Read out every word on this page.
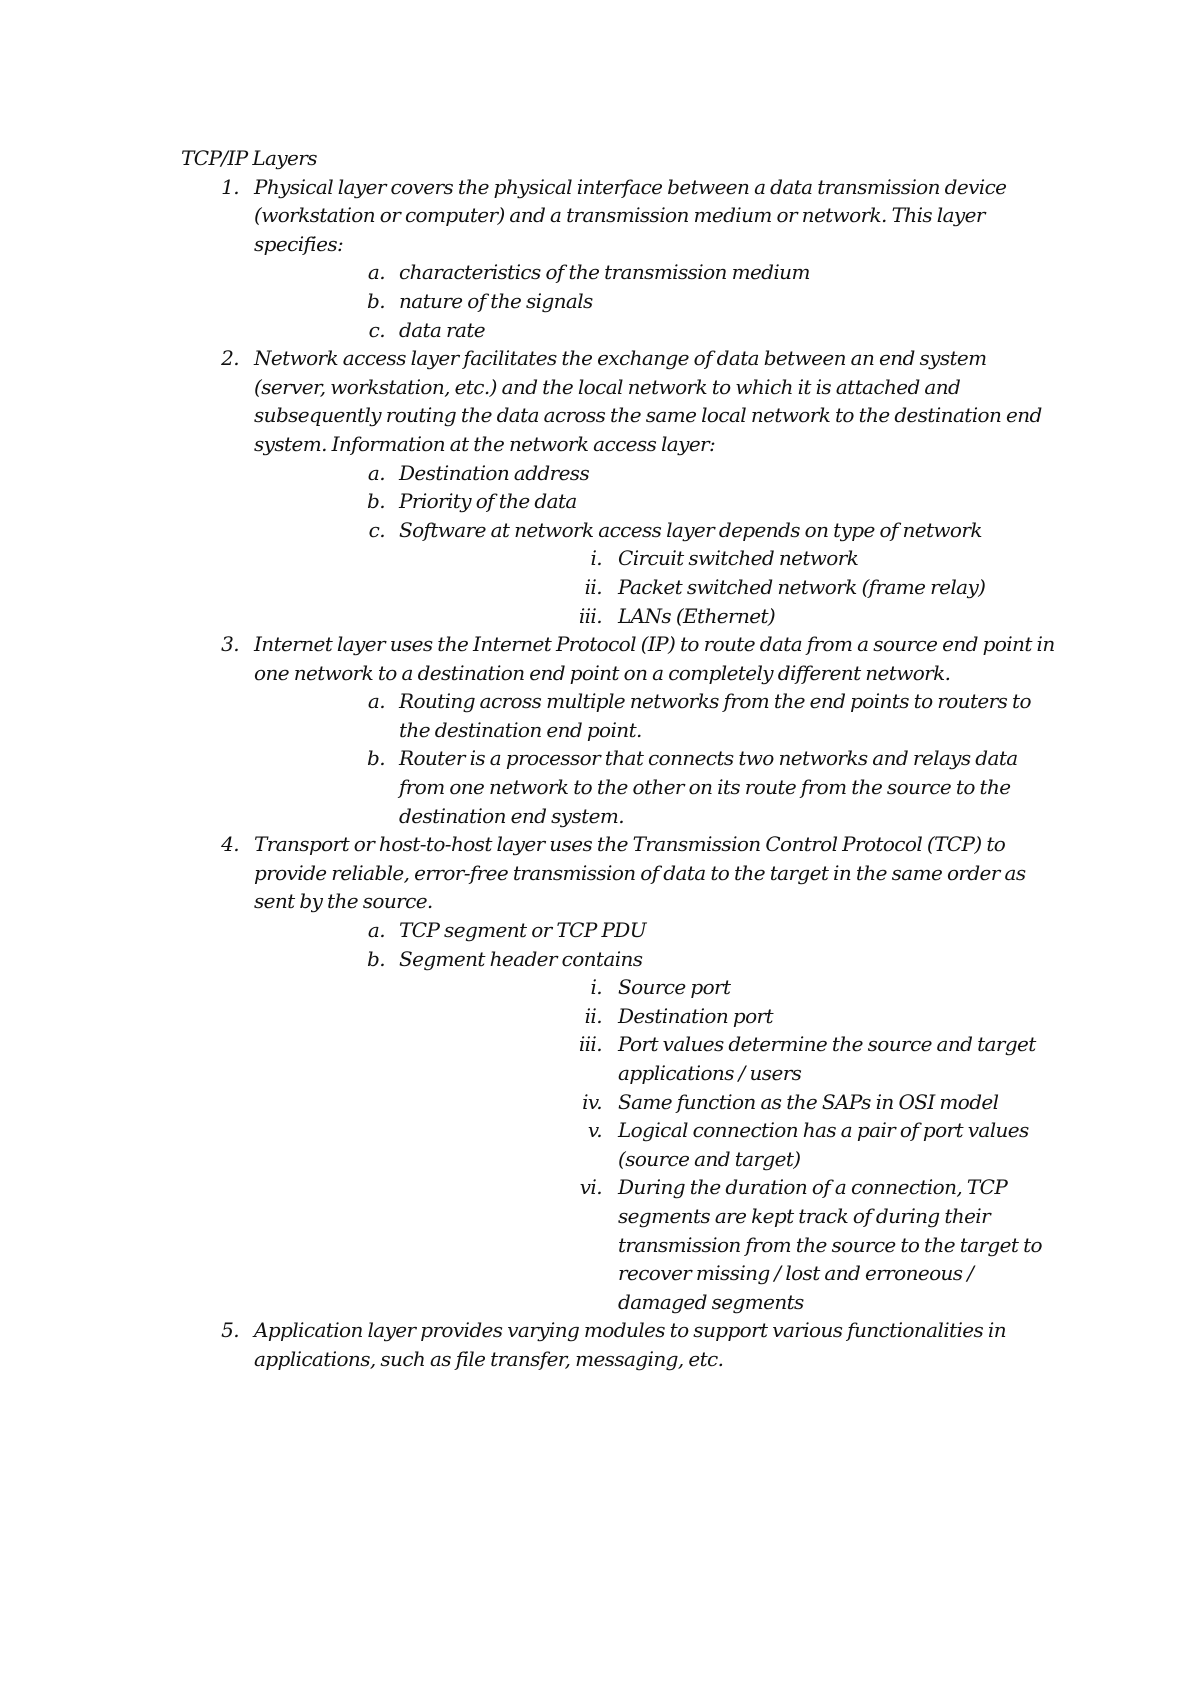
TCP/IP Layers

1. Physical layer covers the physical interface between a data transmission device (workstation or computer) and a transmission medium or network. This layer specifies:
a. characteristics of the transmission medium
b. nature of the signals
c. data rate
2. Network access layer facilitates the exchange of data between an end system (server, workstation, etc.) and the local network to which it is attached and subsequently routing the data across the same local network to the destination end system. Information at the network access layer:
a. Destination address
b. Priority of the data
c. Software at network access layer depends on type of network
i. Circuit switched network
ii. Packet switched network (frame relay)
iii. LANs (Ethernet)
3. Internet layer uses the Internet Protocol (IP) to route data from a source end point in one network to a destination end point on a completely different network.
a. Routing across multiple networks from the end points to routers to the destination end point.
b. Router is a processor that connects two networks and relays data from one network to the other on its route from the source to the destination end system.
4. Transport or host-to-host layer uses the Transmission Control Protocol (TCP) to provide reliable, error-free transmission of data to the target in the same order as sent by the source.
a. TCP segment or TCP PDU
b. Segment header contains
i. Source port
ii. Destination port
iii. Port values determine the source and target applications / users
iv. Same function as the SAPs in OSI model
v. Logical connection has a pair of port values (source and target)
vi. During the duration of a connection, TCP segments are kept track of during their transmission from the source to the target to recover missing / lost and erroneous / damaged segments
5. Application layer provides varying modules to support various functionalities in applications, such as file transfer, messaging, etc.
